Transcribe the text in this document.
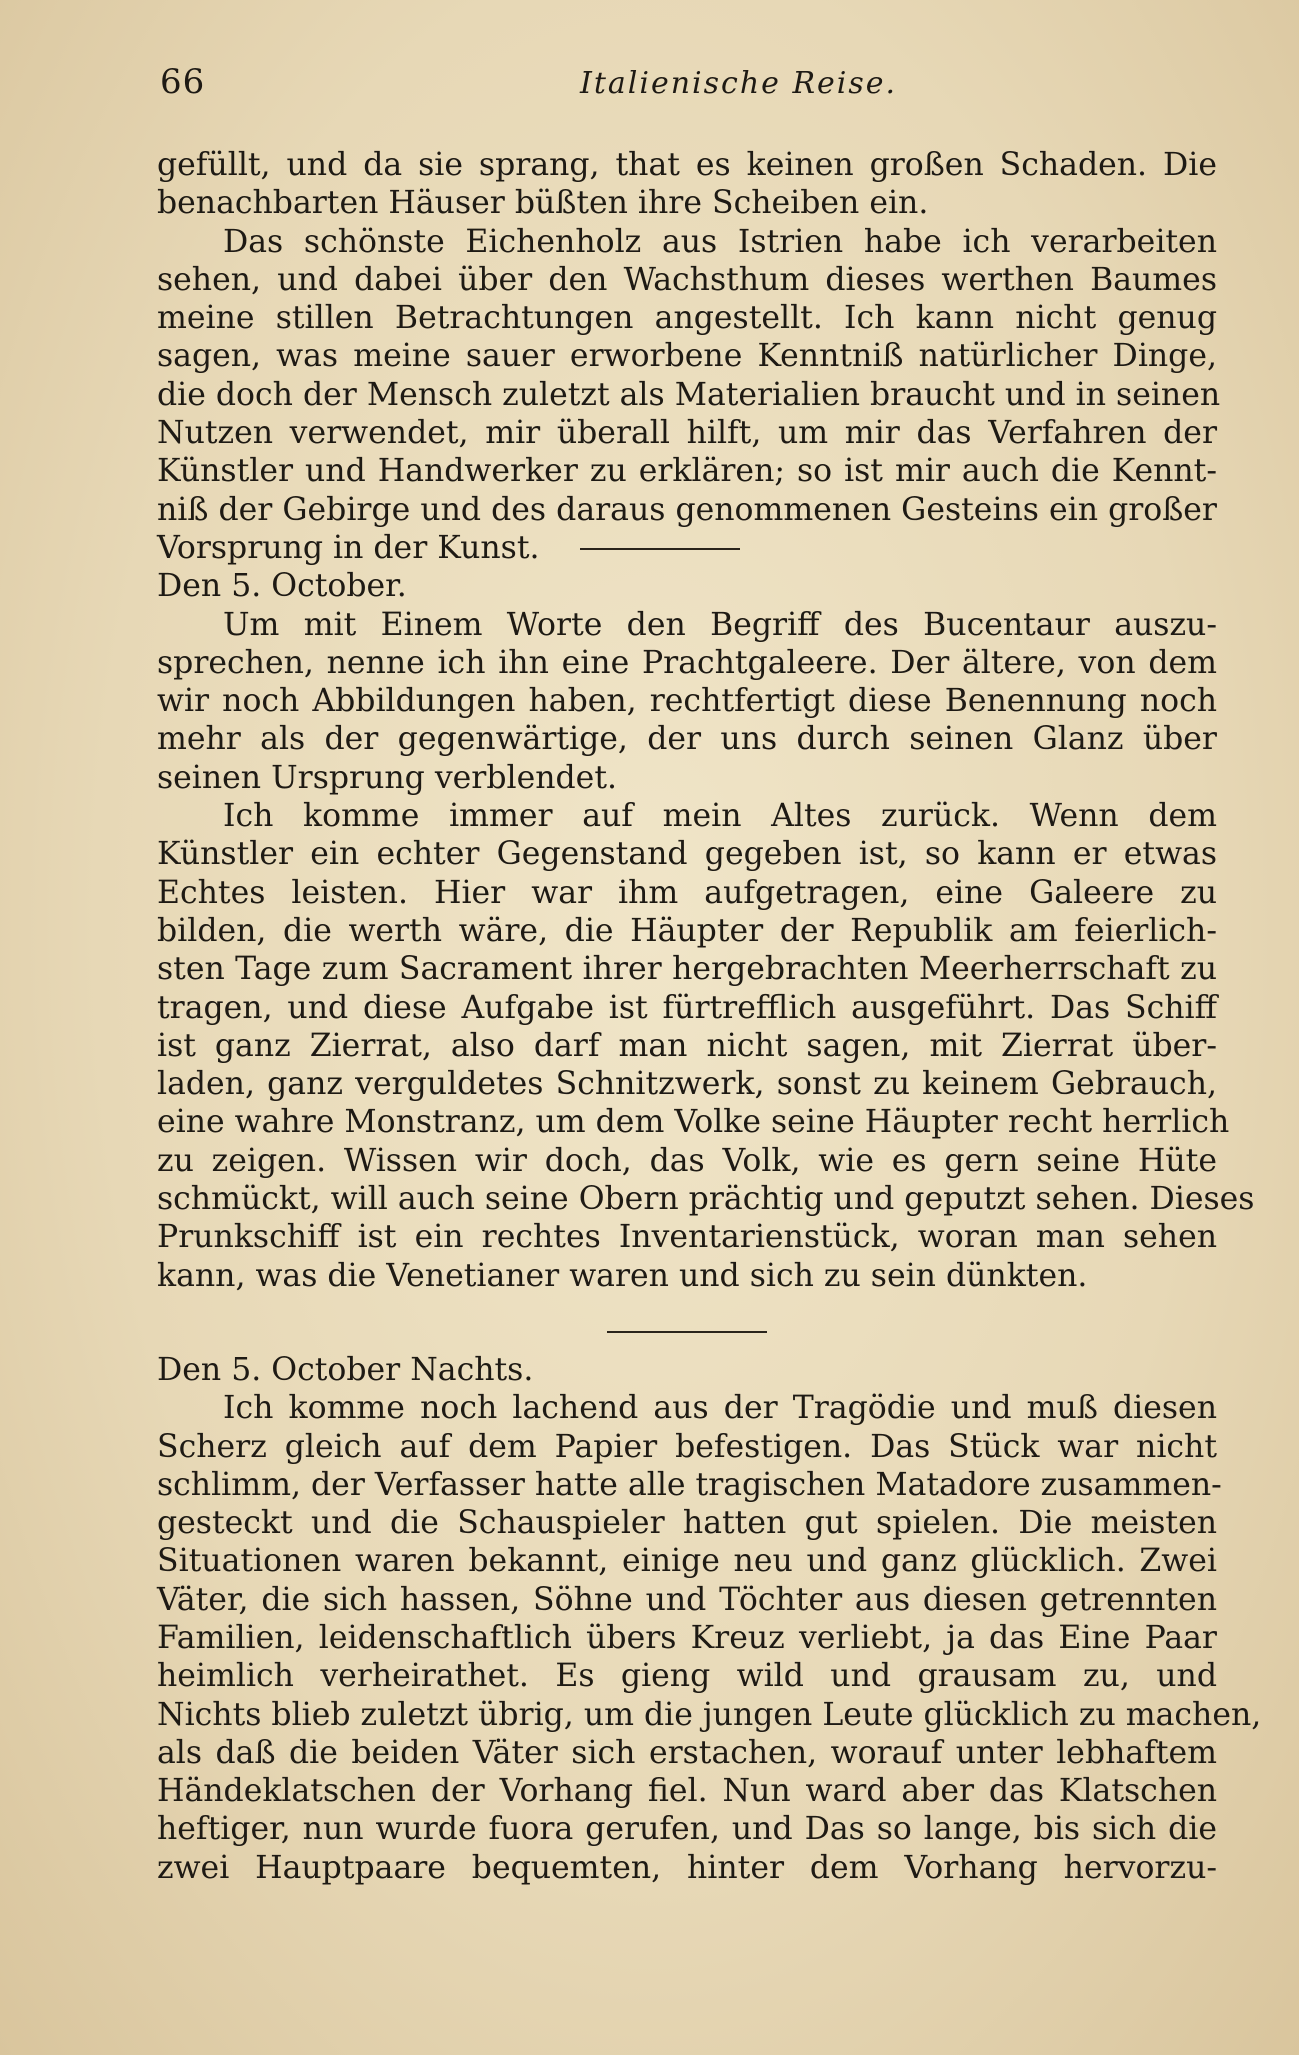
66	Italienische Reise.

gefüllt, und da sie sprang, that es keinen großen Schaden. Die
benachbarten Häuser büßten ihre Scheiben ein.

Das schönste Eichenholz aus Istrien habe ich verarbeiten
sehen, und dabei über den Wachsthum dieses werthen Baumes
meine stillen Betrachtungen angestellt. Ich kann nicht genug
sagen, was meine sauer erworbene Kenntniß natürlicher Dinge,
die doch der Mensch zuletzt als Materialien braucht und in seinen
Nutzen verwendet, mir überall hilft, um mir das Verfahren der
Künstler und Handwerker zu erklären; so ist mir auch die Kennt-
niß der Gebirge und des daraus genommenen Gesteins ein großer
Vorsprung in der Kunst.

Den 5. October.

Um mit Einem Worte den Begriff des Bucentaur auszu-
sprechen, nenne ich ihn eine Prachtgaleere. Der ältere, von dem
wir noch Abbildungen haben, rechtfertigt diese Benennung noch
mehr als der gegenwärtige, der uns durch seinen Glanz über
seinen Ursprung verblendet.

Ich komme immer auf mein Altes zurück. Wenn dem
Künstler ein echter Gegenstand gegeben ist, so kann er etwas
Echtes leisten. Hier war ihm aufgetragen, eine Galeere zu
bilden, die werth wäre, die Häupter der Republik am feierlich-
sten Tage zum Sacrament ihrer hergebrachten Meerherrschaft zu
tragen, und diese Aufgabe ist fürtrefflich ausgeführt. Das Schiff
ist ganz Zierrat, also darf man nicht sagen, mit Zierrat über-
laden, ganz verguldetes Schnitzwerk, sonst zu keinem Gebrauch,
eine wahre Monstranz, um dem Volke seine Häupter recht herrlich
zu zeigen. Wissen wir doch, das Volk, wie es gern seine Hüte
schmückt, will auch seine Obern prächtig und geputzt sehen. Dieses
Prunkschiff ist ein rechtes Inventarienstück, woran man sehen
kann, was die Venetianer waren und sich zu sein dünkten.

Den 5. October Nachts.

Ich komme noch lachend aus der Tragödie und muß diesen
Scherz gleich auf dem Papier befestigen. Das Stück war nicht
schlimm, der Verfasser hatte alle tragischen Matadore zusammen-
gesteckt und die Schauspieler hatten gut spielen. Die meisten
Situationen waren bekannt, einige neu und ganz glücklich. Zwei
Väter, die sich hassen, Söhne und Töchter aus diesen getrennten
Familien, leidenschaftlich übers Kreuz verliebt, ja das Eine Paar
heimlich verheirathet. Es gieng wild und grausam zu, und
Nichts blieb zuletzt übrig, um die jungen Leute glücklich zu machen,
als daß die beiden Väter sich erstachen, worauf unter lebhaftem
Händeklatschen der Vorhang fiel. Nun ward aber das Klatschen
heftiger, nun wurde fuora gerufen, und Das so lange, bis sich die
zwei Hauptpaare bequemten, hinter dem Vorhang hervorzu-
